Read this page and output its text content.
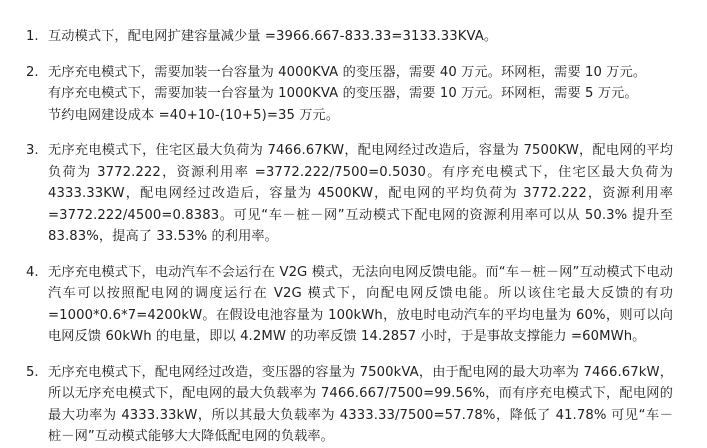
1. 互动模式下，配电网扩建容量减少量 =3966.667-833.33=3133.33KVA。

2. 无序充电模式下，需要加装一台容量为 4000KVA 的变压器，需要 40 万元。环网柜，需要 10 万元。

有序充电模式下，需要加装一台容量为 1000KVA 的变压器，需要 10 万元。环网柜，需要 5 万元。

节约电网建设成本 =40+10-(10+5)=35 万元。

3. 无序充电模式下，住宅区最大负荷为 7466.67KW，配电网经过改造后，容量为 7500KW，配电网的平均负荷为 3772.222，资源利用率 =3772.222/7500=0.5030。有序充电模式下，住宅区最大负荷为 4333.33KW，配电网经过改造后，容量为 4500KW，配电网的平均负荷为 3772.222，资源利用率 =3772.222/4500=0.8383。可见“车－桩－网”互动模式下配电网的资源利用率可以从 50.3% 提升至 83.83%，提高了 33.53% 的利用率。

4. 无序充电模式下，电动汽车不会运行在 V2G 模式，无法向电网反馈电能。而“车－桩－网”互动模式下电动汽车可以按照配电网的调度运行在 V2G 模式下，向配电网反馈电能。所以该住宅最大反馈的有功 =1000*0.6*7=4200kW。在假设电池容量为 100kWh，放电时电动汽车的平均电量为 60%，则可以向电网反馈 60kWh 的电量，即以 4.2MW 的功率反馈 14.2857 小时，于是事故支撑能力 =60MWh。

5. 无序充电模式下，配电网经过改造，变压器的容量为 7500kVA，由于配电网的最大功率为 7466.67kW，所以无序充电模式下，配电网的最大负载率为 7466.667/7500=99.56%，而有序充电模式下，配电网的最大功率为 4333.33kW，所以其最大负载率为 4333.33/7500=57.78%，降低了 41.78% 可见“车－桩－网”互动模式能够大大降低配电网的负载率。
